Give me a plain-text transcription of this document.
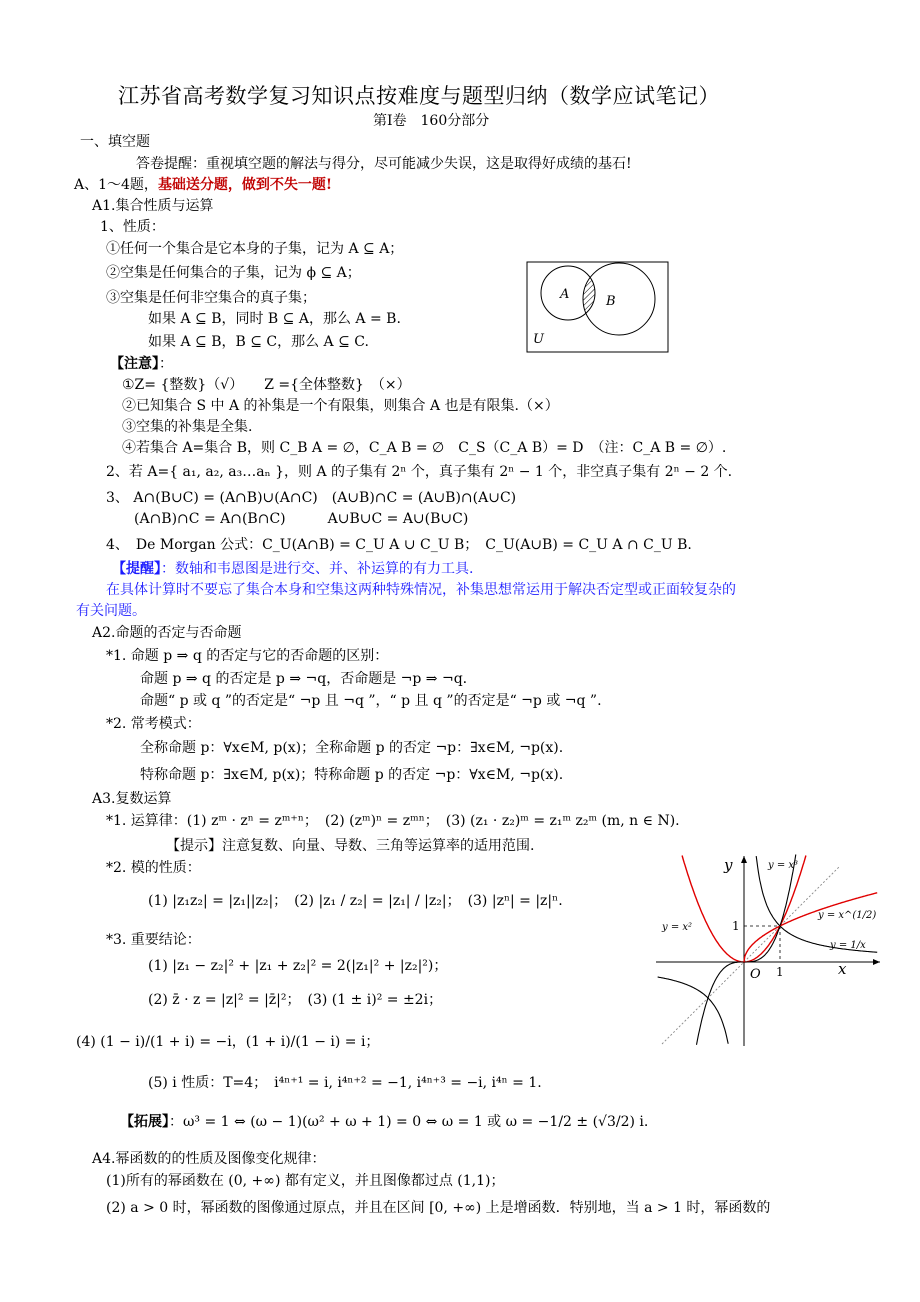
江苏省高考数学复习知识点按难度与题型归纳（数学应试笔记）
第Ⅰ卷　160分部分
一、填空题
答卷提醒：重视填空题的解法与得分，尽可能减少失误，这是取得好成绩的基石!
A、1～4题，基础送分题，做到不失一题!
A1.集合性质与运算
1、性质：
①任何一个集合是它本身的子集，记为 A ⊆ A；
②空集是任何集合的子集，记为 ϕ ⊆ A；
③空集是任何非空集合的真子集；
如果 A ⊆ B，同时 B ⊆ A，那么 A = B.
如果 A ⊆ B，B ⊆ C，那么 A ⊆ C.
A	B
U
【注意】：
①Z= {整数}（√）　　Z ={全体整数}　（×）
②已知集合 S 中 A 的补集是一个有限集，则集合 A 也是有限集.（×）
③空集的补集是全集.
④若集合 A=集合 B，则 C_B A = ∅，C_A B = ∅　C_S（C_A B）= D　（注：C_A B = ∅）.
2、若 A={ a₁, a₂, a₃…aₙ }，则 A 的子集有 2ⁿ 个，真子集有 2ⁿ − 1 个，非空真子集有 2ⁿ − 2 个.
3、 A∩(B∪C) = (A∩B)∪(A∩C)　(A∪B)∩C = (A∪B)∩(A∪C)
(A∩B)∩C = A∩(B∩C)　　　A∪B∪C = A∪(B∪C)
4、　De Morgan 公式：C_U(A∩B) = C_U A ∪ C_U B；　C_U(A∪B) = C_U A ∩ C_U B.
【提醒】：数轴和韦恩图是进行交、并、补运算的有力工具.
在具体计算时不要忘了集合本身和空集这两种特殊情况，补集思想常运用于解决否定型或正面较复杂的
有关问题。
A2.命题的否定与否命题
*1. 命题 p ⇒ q 的否定与它的否命题的区别：
命题 p ⇒ q 的否定是 p ⇒ ¬q，否命题是 ¬p ⇒ ¬q.
命题“ p 或 q ”的否定是“ ¬p 且 ¬q ”，“ p 且 q ”的否定是“ ¬p 或 ¬q ”.
*2. 常考模式：
全称命题 p：∀x∈M, p(x)；全称命题 p 的否定 ¬p：∃x∈M, ¬p(x).
特称命题 p：∃x∈M, p(x)；特称命题 p 的否定 ¬p：∀x∈M, ¬p(x).
A3.复数运算
*1. 运算律：(1) zᵐ · zⁿ = zᵐ⁺ⁿ；　(2) (zᵐ)ⁿ = zᵐⁿ；　(3) (z₁ · z₂)ᵐ = z₁ᵐ z₂ᵐ (m, n ∈ N).
【提示】注意复数、向量、导数、三角等运算率的适用范围.
*2. 模的性质：
(1) |z₁z₂| = |z₁||z₂|；　(2) |z₁ / z₂| = |z₁| / |z₂|；　(3) |zⁿ| = |z|ⁿ.
*3. 重要结论：
(1) |z₁ − z₂|² + |z₁ + z₂|² = 2(|z₁|² + |z₂|²)；
(2) z̄ · z = |z|² = |z̄|²；　(3) (1 ± i)² = ±2i；
(4) (1 − i)/(1 + i) = −i，(1 + i)/(1 − i) = i；
(5) i 性质：T=4；　i⁴ⁿ⁺¹ = i, i⁴ⁿ⁺² = −1, i⁴ⁿ⁺³ = −i, i⁴ⁿ = 1.
【拓展】：ω³ = 1 ⇔ (ω − 1)(ω² + ω + 1) = 0 ⇔ ω = 1 或 ω = −1/2 ± (√3/2) i.
y
x
O 1
1
y = x³
y = x²
y = x^(1/2)
y = 1/x
A4.幂函数的的性质及图像变化规律：
(1)所有的幂函数在 (0, +∞) 都有定义，并且图像都过点 (1,1)；
(2) a > 0 时，幂函数的图像通过原点，并且在区间 [0, +∞) 上是增函数．特别地，当 a > 1 时，幂函数的
